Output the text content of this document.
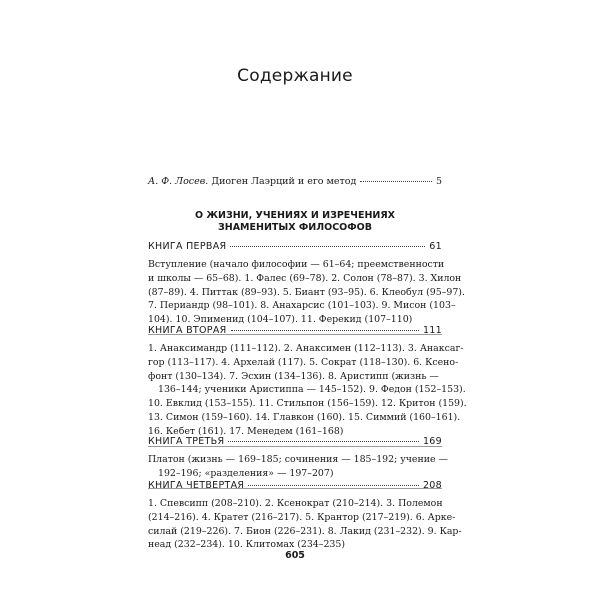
Содержание
А. Ф. Лосев. Диоген Лаэрций и его метод	5
О ЖИЗНИ, УЧЕНИЯХ И ИЗРЕЧЕНИЯХ
ЗНАМЕНИТЫХ ФИЛОСОФОВ
КНИГА ПЕРВАЯ	61
Вступление (начало философии — 61–64; преемственности
и школы — 65–68). 1. Фалес (69–78). 2. Солон (78–87). 3. Хилон
(87–89). 4. Питтак (89–93). 5. Биант (93–95). 6. Клеобул (95–97).
7. Периандр (98–101). 8. Анахарсис (101–103). 9. Мисон (103–
104). 10. Эпименид (104–107). 11. Ферекид (107–110)
КНИГА ВТОРАЯ	111
1. Анаксимандр (111–112). 2. Анаксимен (112–113). 3. Анаксаг-
гор (113–117). 4. Архелай (117). 5. Сократ (118–130). 6. Ксено-
фонт (130–134). 7. Эсхин (134–136). 8. Аристипп (жизнь —
136–144; ученики Аристиппа — 145–152). 9. Федон (152–153).
10. Евклид (153–155). 11. Стильпон (156–159). 12. Критон (159).
13. Симон (159–160). 14. Главкон (160). 15. Симмий (160–161).
16. Кебет (161). 17. Менедем (161–168)
КНИГА ТРЕТЬЯ	169
Платон (жизнь — 169–185; сочинения — 185–192; учение —
192–196; «разделения» — 197–207)
КНИГА ЧЕТВЕРТАЯ	208
1. Спевсипп (208–210). 2. Ксенократ (210–214). 3. Полемон
(214–216). 4. Кратет (216–217). 5. Крантор (217–219). 6. Арке-
силай (219–226). 7. Бион (226–231). 8. Лакид (231–232). 9. Кар-
неад (232–234). 10. Клитомах (234–235)
605
